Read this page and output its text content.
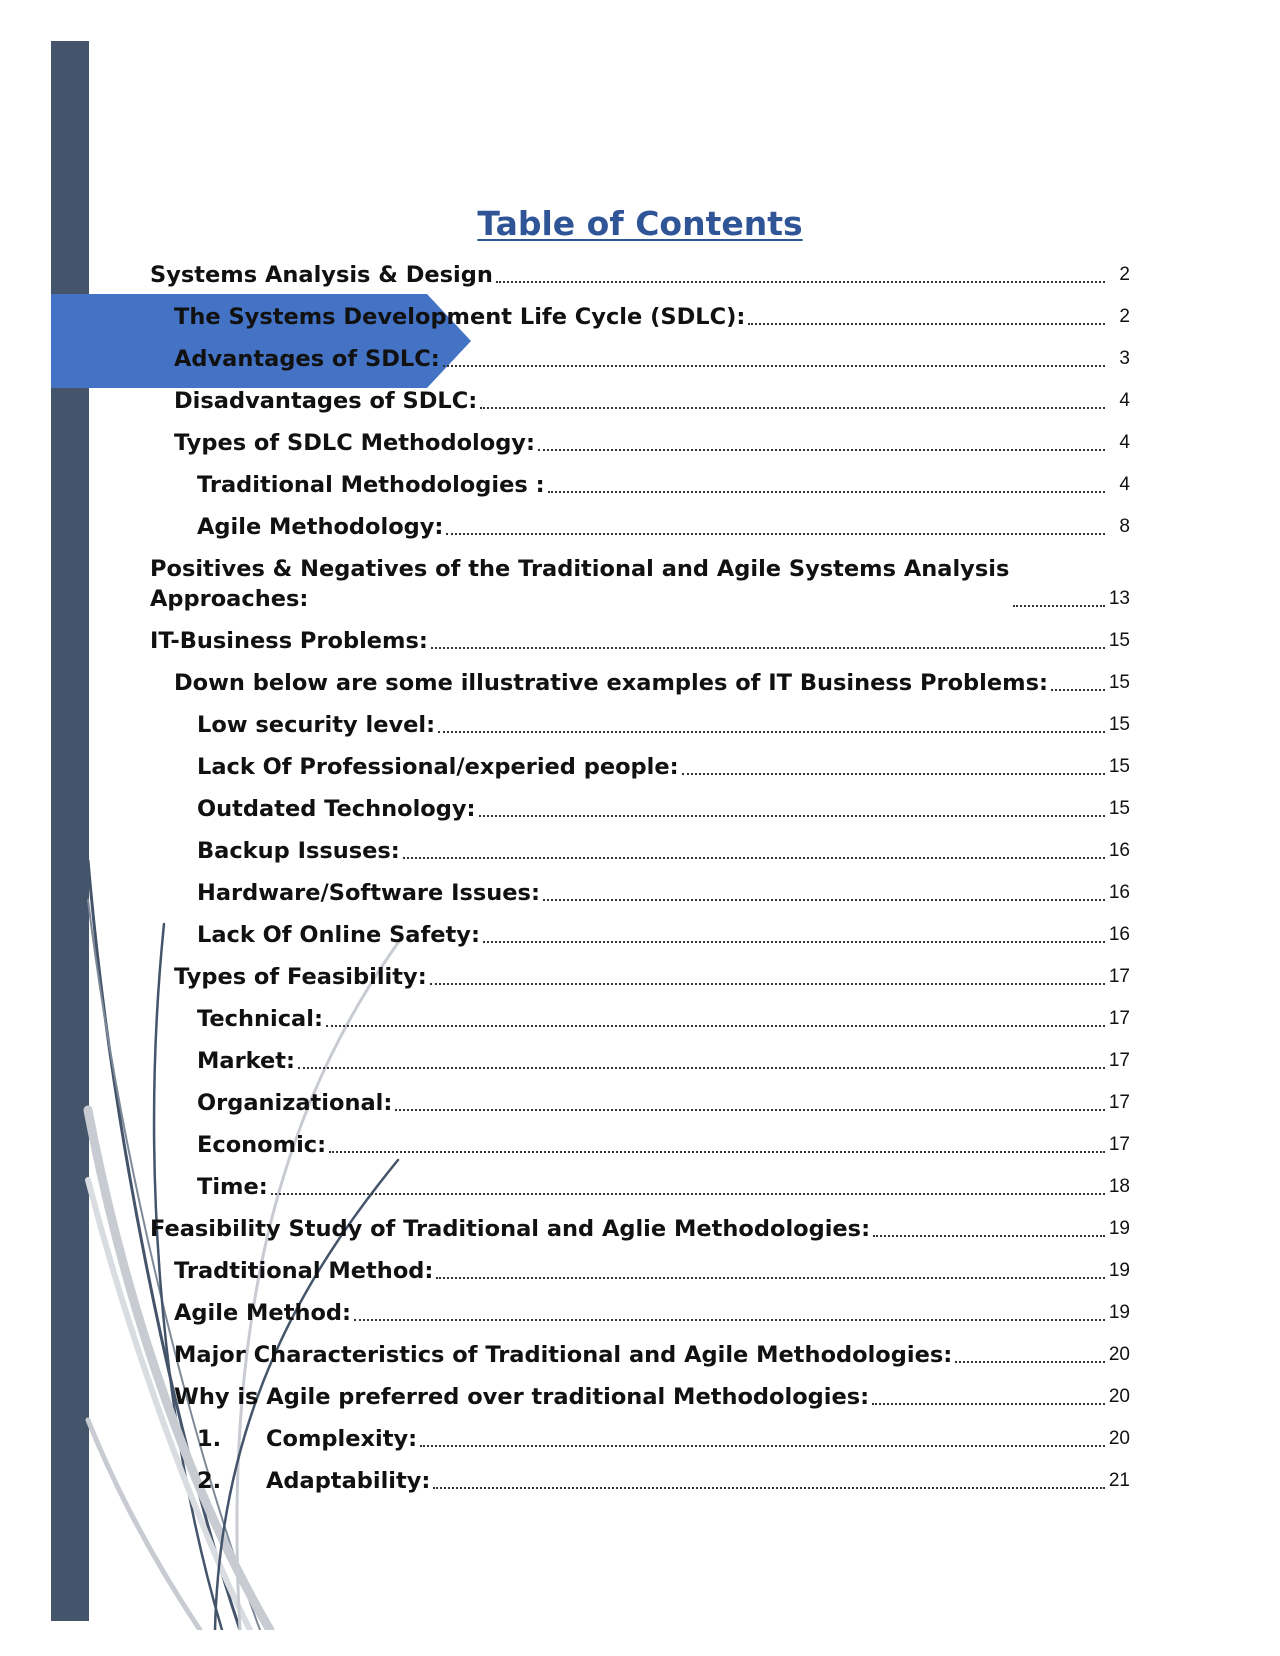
Table of Contents
Systems Analysis & Design	2
The Systems Development Life Cycle (SDLC):	2
Advantages of SDLC:	3
Disadvantages of SDLC:	4
Types of SDLC Methodology:	4
Traditional Methodologies :	4
Agile Methodology:	8
Positives & Negatives of the Traditional and Agile Systems Analysis Approaches:	13
IT-Business Problems:	15
Down below are some illustrative examples of IT Business Problems:	15
Low security level:	15
Lack Of Professional/experied people:	15
Outdated Technology:	15
Backup Issuses:	16
Hardware/Software Issues:	16
Lack Of Online Safety:	16
Types of Feasibility:	17
Technical:	17
Market:	17
Organizational:	17
Economic:	17
Time:	18
Feasibility Study of Traditional and Aglie Methodologies:	19
Tradtitional Method:	19
Agile Method:	19
Major Characteristics of Traditional and Agile Methodologies:	20
Why is Agile preferred over traditional Methodologies:	20
1. Complexity:	20
2. Adaptability:	21
